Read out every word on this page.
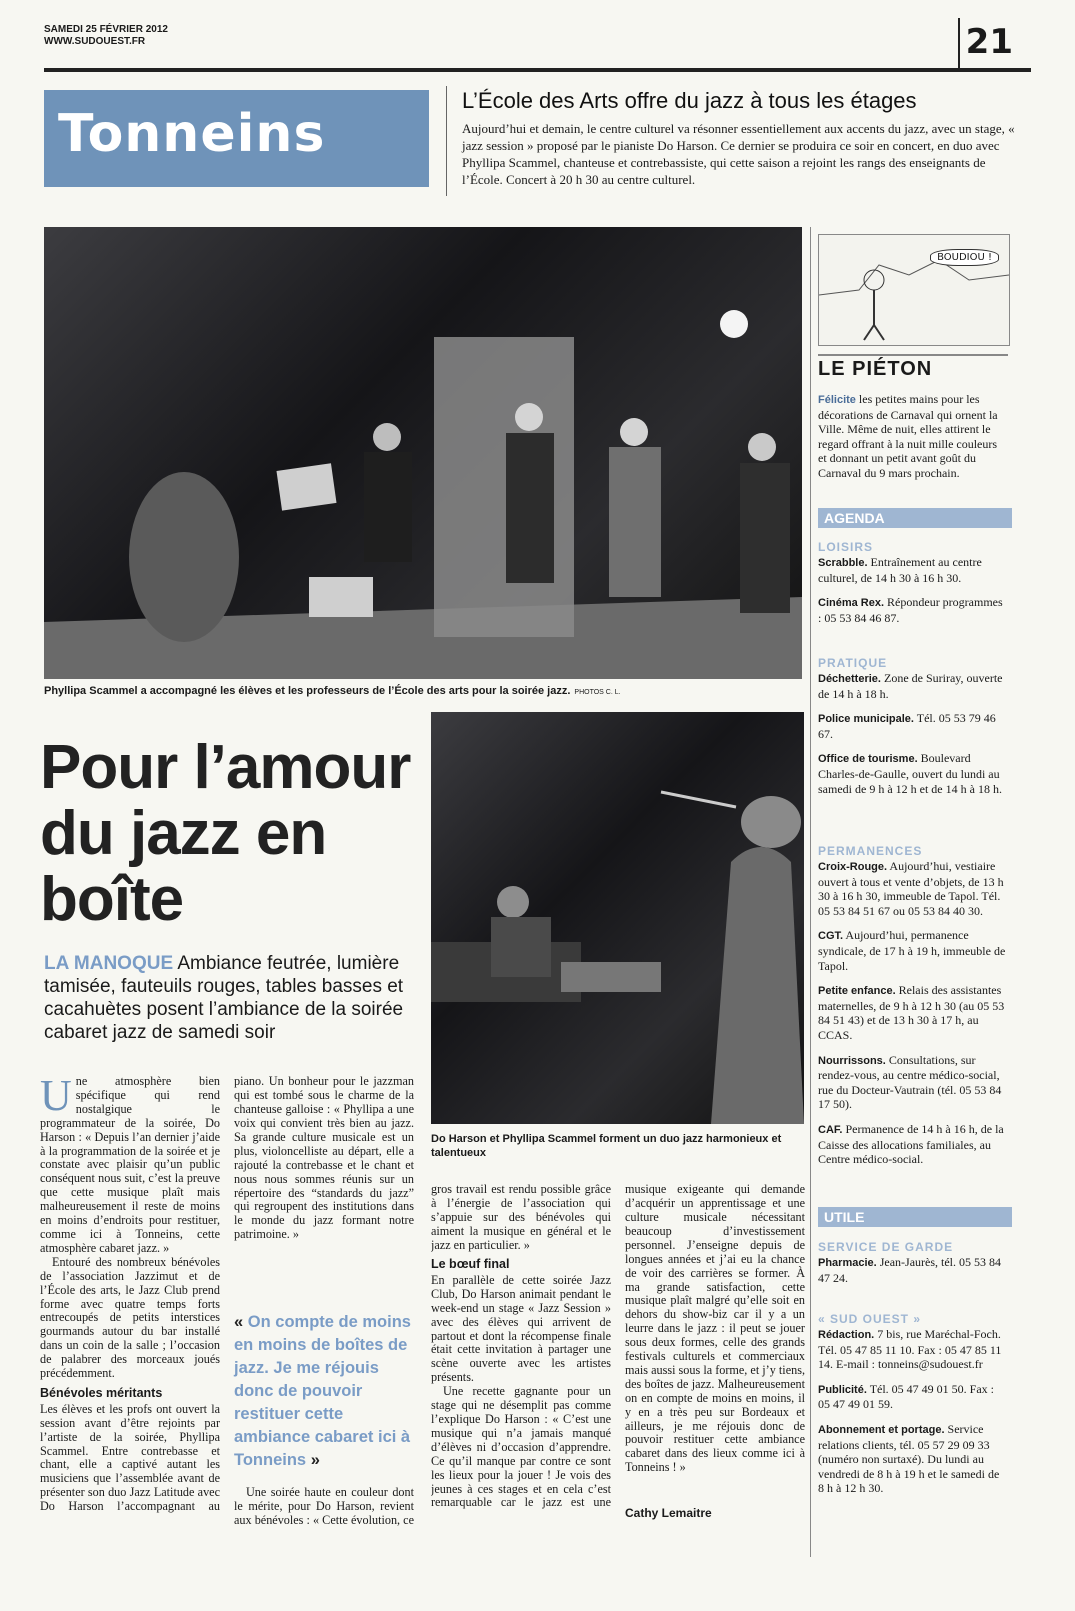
SAMEDI 25 FÉVRIER 2012
WWW.SUDOUEST.FR	21
Tonneins
L’École des Arts offre du jazz à tous les étages
Aujourd’hui et demain, le centre culturel va résonner essentiellement aux accents du jazz, avec un stage, « jazz session » proposé par le pianiste Do Harson. Ce dernier se produira ce soir en concert, en duo avec Phyllipa Scammel, chanteuse et contrebassiste, qui cette saison a rejoint les rangs des enseignants de l’École. Concert à 20 h 30 au centre culturel.
Phyllipa Scammel a accompagné les élèves et les professeurs de l’École des arts pour la soirée jazz. PHOTOS C. L.
Pour l’amour du jazz en boîte
LA MANOQUE Ambiance feutrée, lumière tamisée, fauteuils rouges, tables basses et cacahuètes posent l’ambiance de la soirée cabaret jazz de samedi soir
Do Harson et Phyllipa Scammel forment un duo jazz harmonieux et talentueux

Une atmosphère bien spécifique qui rend nostalgique le programmateur de la soirée, Do Harson : « Depuis l’an dernier j’aide à la programmation de la soirée et je constate avec plaisir qu’un public conséquent nous suit, c’est la preuve que cette musique plaît mais malheureusement il reste de moins en moins d’endroits pour restituer, comme ici à Tonneins, cette atmosphère cabaret jazz. »

Entouré des nombreux bénévoles de l’association Jazzimut et de l’École des arts, le Jazz Club prend forme avec quatre temps forts entrecoupés de petits interstices gourmands autour du bar installé dans un coin de la salle ; l’occasion de palabrer des morceaux joués précédemment.

Bénévoles méritants

Les élèves et les profs ont ouvert la session avant d’être rejoints par l’artiste de la soirée, Phyllipa Scammel. Entre contrebasse et chant, elle a captivé autant les musiciens que l’assemblée avant de présenter son duo Jazz Latitude avec Do Harson l’accompagnant au

piano. Un bonheur pour le jazzman qui est tombé sous le charme de la chanteuse galloise : « Phyllipa a une voix qui convient très bien au jazz. Sa grande culture musicale est un plus, violoncelliste au départ, elle a rajouté la contrebasse et le chant et nous nous sommes réunis sur un répertoire des “standards du jazz” qui regroupent des institutions dans le monde du jazz formant notre patrimoine. »

« On compte de moins en moins de boîtes de jazz. Je me réjouis donc de pouvoir restituer cette ambiance cabaret ici à Tonneins »

Une soirée haute en couleur dont le mérite, pour Do Harson, revient aux bénévoles : « Cette évolution, ce

gros travail est rendu possible grâce à l’énergie de l’association qui s’appuie sur des bénévoles qui aiment la musique en général et le jazz en particulier. »

Le bœuf final

En parallèle de cette soirée Jazz Club, Do Harson animait pendant le week-end un stage « Jazz Session » avec des élèves qui arrivent de partout et dont la récompense finale était cette invitation à partager une scène ouverte avec les artistes présents.

Une recette gagnante pour un stage qui ne désemplit pas comme l’explique Do Harson : « C’est une musique qui n’a jamais manqué d’élèves ni d’occasion d’apprendre. Ce qu’il manque par contre ce sont les lieux pour la jouer ! Je vois des jeunes à ces stages et en cela c’est remarquable car le jazz est une

musique exigeante qui demande d’acquérir un apprentissage et une culture musicale nécessitant beaucoup d’investissement personnel. J’enseigne depuis de longues années et j’ai eu la chance de voir des carrières se former. À ma grande satisfaction, cette musique plaît malgré qu’elle soit en dehors du show-biz car il y a un leurre dans le jazz : il peut se jouer sous deux formes, celle des grands festivals culturels et commerciaux mais aussi sous la forme, et j’y tiens, des boîtes de jazz. Malheureusement on en compte de moins en moins, il y en a très peu sur Bordeaux et ailleurs, je me réjouis donc de pouvoir restituer cette ambiance cabaret dans des lieux comme ici à Tonneins ! »

Cathy Lemaitre

BOUDIOU !
LE PIÉTON

Félicite les petites mains pour les décorations de Carnaval qui ornent la Ville. Même de nuit, elles attirent le regard offrant à la nuit mille couleurs et donnant un petit avant goût du Carnaval du 9 mars prochain.

AGENDA
LOISIRS

Scrabble. Entraînement au centre culturel, de 14 h 30 à 16 h 30.

Cinéma Rex. Répondeur programmes : 05 53 84 46 87.

PRATIQUE

Déchetterie. Zone de Suriray, ouverte de 14 h à 18 h.

Police municipale. Tél. 05 53 79 46 67.

Office de tourisme. Boulevard Charles-de-Gaulle, ouvert du lundi au samedi de 9 h à 12 h et de 14 h à 18 h.

PERMANENCES

Croix-Rouge. Aujourd’hui, vestiaire ouvert à tous et vente d’objets, de 13 h 30 à 16 h 30, immeuble de Tapol. Tél. 05 53 84 51 67 ou 05 53 84 40 30.

CGT. Aujourd’hui, permanence syndicale, de 17 h à 19 h, immeuble de Tapol.

Petite enfance. Relais des assistantes maternelles, de 9 h à 12 h 30 (au 05 53 84 51 43) et de 13 h 30 à 17 h, au CCAS.

Nourrissons. Consultations, sur rendez-vous, au centre médico-social, rue du Docteur-Vautrain (tél. 05 53 84 17 50).

CAF. Permanence de 14 h à 16 h, de la Caisse des allocations familiales, au Centre médico-social.

UTILE
SERVICE DE GARDE

Pharmacie. Jean-Jaurès, tél. 05 53 84 47 24.

« SUD OUEST »

Rédaction. 7 bis, rue Maréchal-Foch. Tél. 05 47 85 11 10. Fax : 05 47 85 11 14. E-mail : tonneins@sudouest.fr

Publicité. Tél. 05 47 49 01 50. Fax : 05 47 49 01 59.

Abonnement et portage. Service relations clients, tél. 05 57 29 09 33 (numéro non surtaxé). Du lundi au vendredi de 8 h à 19 h et le samedi de 8 h à 12 h 30.
